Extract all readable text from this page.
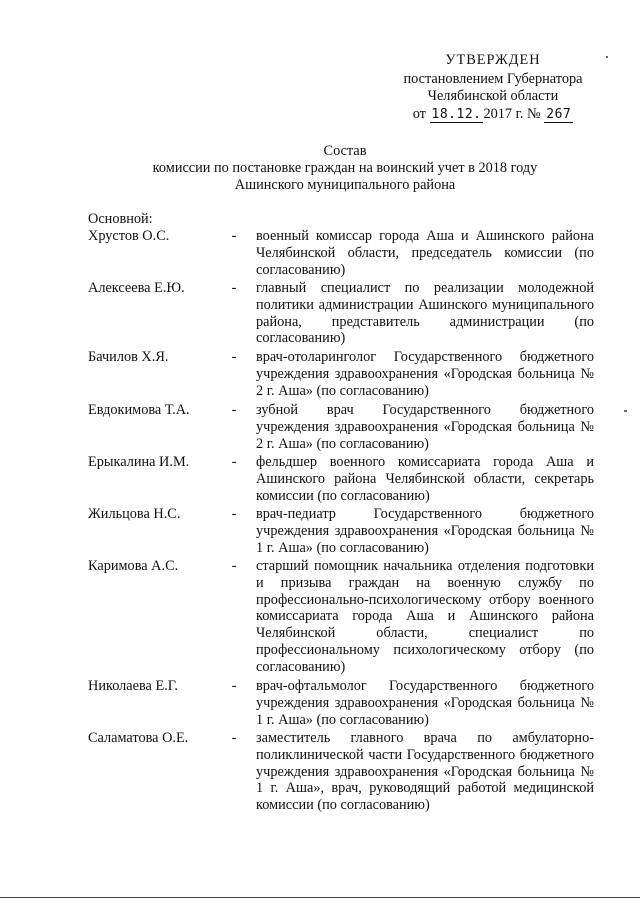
УТВЕРЖДЕН
постановлением Губернатора
Челябинской области
от 18.12. 2017 г. № 267
Состав
комиссии по постановке граждан на воинский учет в 2018 году
Ашинского муниципального района
Основной:
Хрустов О.С.	- военный комиссар города Аша и Ашинского района Челябинской области, председатель комиссии (по согласованию)
Алексеева Е.Ю.	- главный специалист по реализации молодежной политики администрации Ашинского муниципального района, представитель администрации (по согласованию)
Бачилов Х.Я.	- врач-отоларинголог Государственного бюджетного учреждения здравоохранения «Городская больница № 2 г. Аша» (по согласованию)
Евдокимова Т.А.	- зубной врач Государственного бюджетного учреждения здравоохранения «Городская больница № 2 г. Аша» (по согласованию)
Ерыкалина И.М.	- фельдшер военного комиссариата города Аша и Ашинского района Челябинской области, секретарь комиссии (по согласованию)
Жильцова Н.С.	- врач-педиатр Государственного бюджетного учреждения здравоохранения «Городская больница № 1 г. Аша» (по согласованию)
Каримова А.С.	- старший помощник начальника отделения подготовки и призыва граждан на военную службу по профессионально-психологическому отбору военного комиссариата города Аша и Ашинского района Челябинской области, специалист по профессиональному психологическому отбору (по согласованию)
Николаева Е.Г.	- врач-офтальмолог Государственного бюджетного учреждения здравоохранения «Городская больница № 1 г. Аша» (по согласованию)
Саламатова О.Е.	- заместитель главного врача по амбулаторно-поликлинической части Государственного бюджетного учреждения здравоохранения «Городская больница № 1 г. Аша», врач, руководящий работой медицинской комиссии (по согласованию)
